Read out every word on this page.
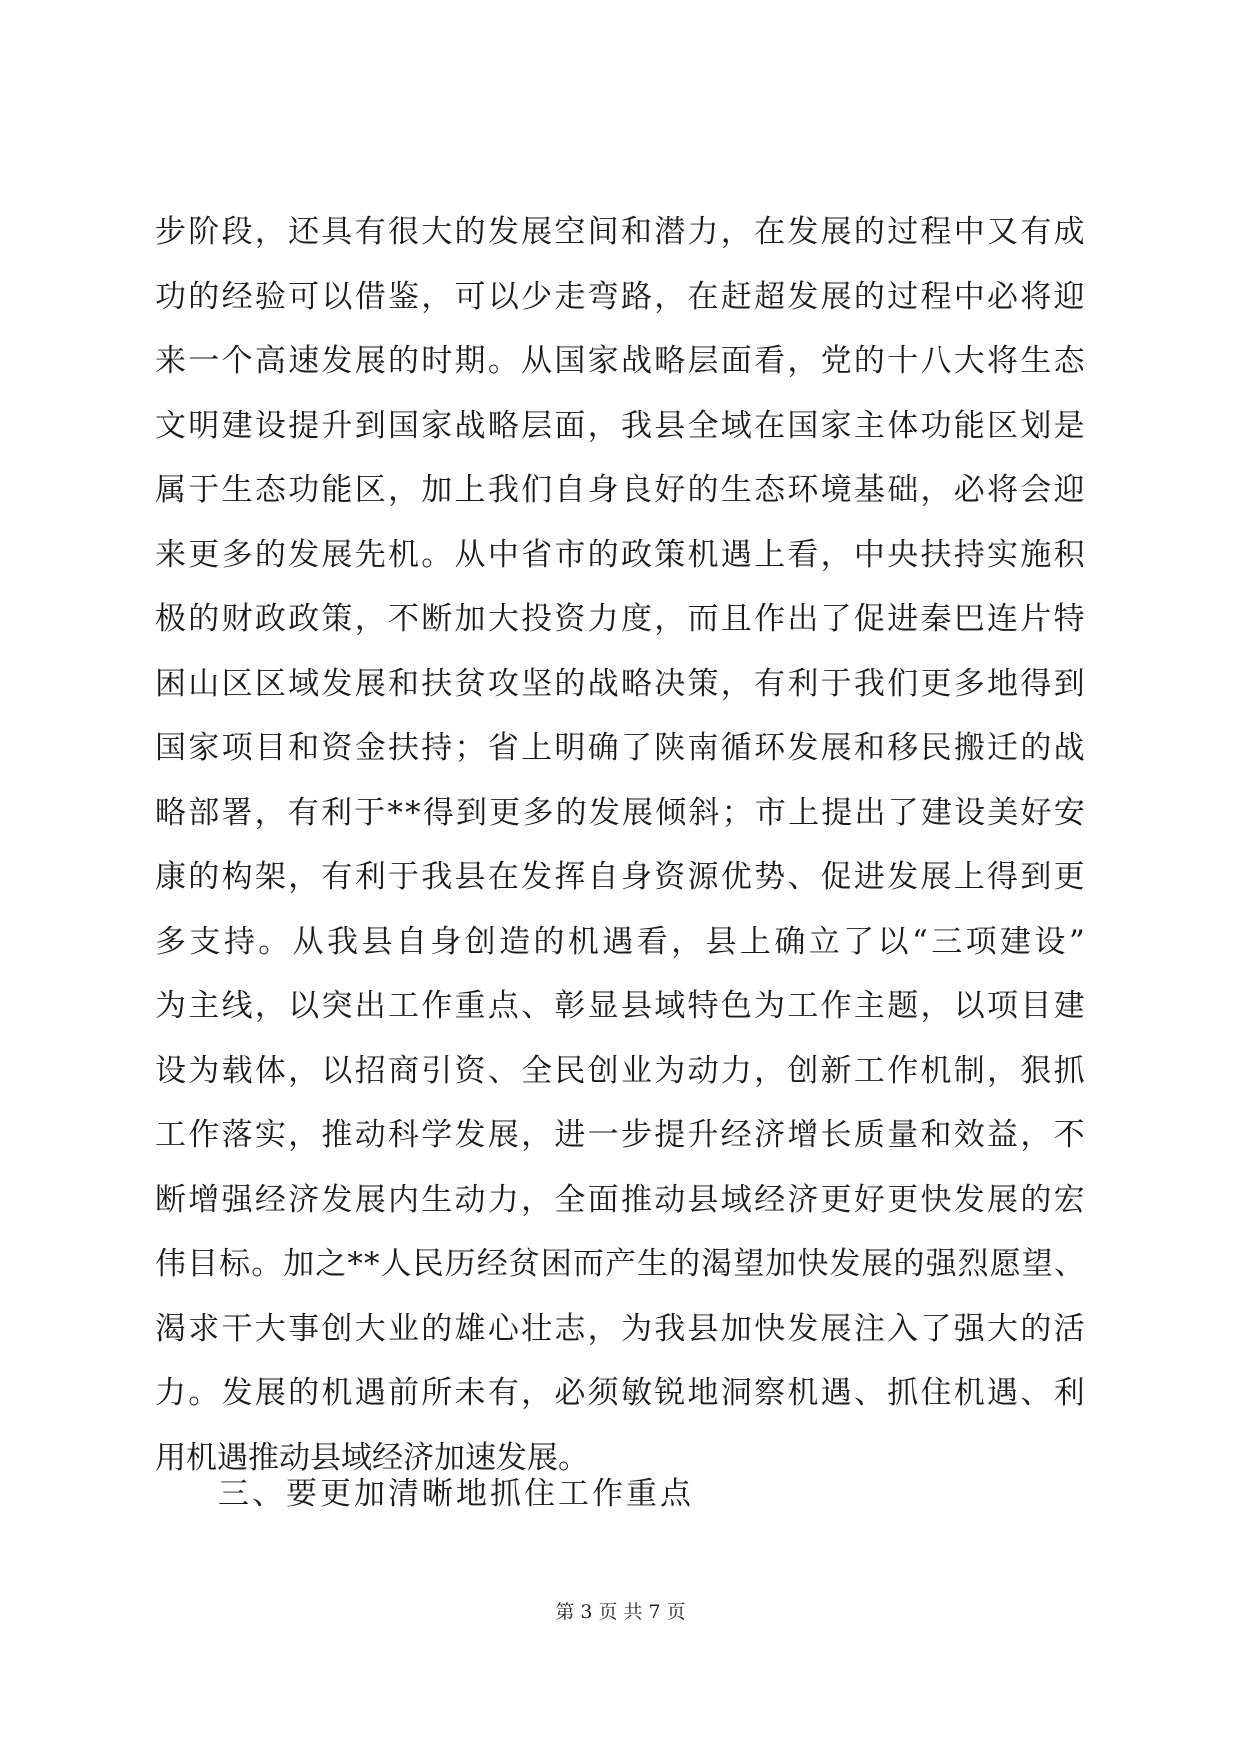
步 阶 段 ， 还 具 有 很 大 的 发 展 空 间 和 潜 力 ， 在 发 展 的 过 程 中 又 有 成
功 的 经 验 可 以 借 鉴 ， 可 以 少 走 弯 路 ， 在 赶 超 发 展 的 过 程 中 必 将 迎
来 一 个 高 速 发 展 的 时 期 。 从 国 家 战 略 层 面 看 ， 党 的 十 八 大 将 生 态
文 明 建 设 提 升 到 国 家 战 略 层 面 ， 我 县 全 域 在 国 家 主 体 功 能 区 划 是
属 于 生 态 功 能 区 ， 加 上 我 们 自 身 良 好 的 生 态 环 境 基 础 ， 必 将 会 迎
来 更 多 的 发 展 先 机 。 从 中 省 市 的 政 策 机 遇 上 看 ， 中 央 扶 持 实 施 积
极 的 财 政 政 策 ， 不 断 加 大 投 资 力 度 ， 而 且 作 出 了 促 进 秦 巴 连 片 特
困 山 区 区 域 发 展 和 扶 贫 攻 坚 的 战 略 决 策 ， 有 利 于 我 们 更 多 地 得 到
国 家 项 目 和 资 金 扶 持 ； 省 上 明 确 了 陕 南 循 环 发 展 和 移 民 搬 迁 的 战
略 部 署 ， 有 利 于 * * 得 到 更 多 的 发 展 倾 斜 ； 市 上 提 出 了 建 设 美 好 安
康 的 构 架 ， 有 利 于 我 县 在 发 挥 自 身 资 源 优 势 、 促 进 发 展 上 得 到 更
多 支 持 。 从 我 县 自 身 创 造 的 机 遇 看 ， 县 上 确 立 了 以 “ 三 项 建 设 ”
为 主 线 ， 以 突 出 工 作 重 点 、 彰 显 县 域 特 色 为 工 作 主 题 ， 以 项 目 建
设 为 载 体 ， 以 招 商 引 资 、 全 民 创 业 为 动 力 ， 创 新 工 作 机 制 ， 狠 抓
工 作 落 实 ， 推 动 科 学 发 展 ， 进 一 步 提 升 经 济 增 长 质 量 和 效 益 ， 不
断 增 强 经 济 发 展 内 生 动 力 ， 全 面 推 动 县 域 经 济 更 好 更 快 发 展 的 宏
伟 目 标 。 加 之 * * 人 民 历 经 贫 困 而 产 生 的 渴 望 加 快 发 展 的 强 烈 愿 望 、
渴 求 干 大 事 创 大 业 的 雄 心 壮 志 ， 为 我 县 加 快 发 展 注 入 了 强 大 的 活
力 。 发 展 的 机 遇 前 所 未 有 ， 必 须 敏 锐 地 洞 察 机 遇 、 抓 住 机 遇 、 利
用机遇推动县域经济加速发展。
三、要更加清晰地抓住工作重点
第 3 页 共 7 页
